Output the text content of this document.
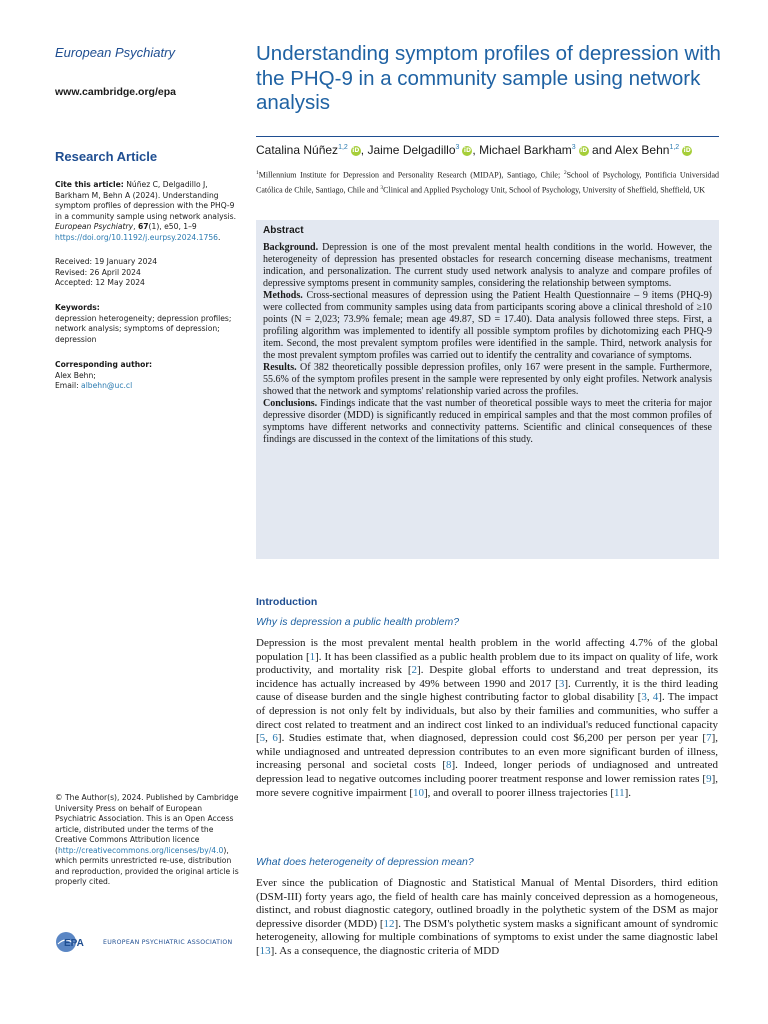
European Psychiatry
www.cambridge.org/epa
Research Article
Cite this article: Núñez C, Delgadillo J, Barkham M, Behn A (2024). Understanding symptom profiles of depression with the PHQ-9 in a community sample using network analysis. European Psychiatry, 67(1), e50, 1–9 https://doi.org/10.1192/j.eurpsy.2024.1756.
Received: 19 January 2024
Revised: 26 April 2024
Accepted: 12 May 2024
Keywords:
depression heterogeneity; depression profiles; network analysis; symptoms of depression; depression
Corresponding author:
Alex Behn;
Email: albehn@uc.cl
© The Author(s), 2024. Published by Cambridge University Press on behalf of European Psychiatric Association. This is an Open Access article, distributed under the terms of the Creative Commons Attribution licence (http://creativecommons.org/licenses/by/4.0), which permits unrestricted re-use, distribution and reproduction, provided the original article is properly cited.
EPA	EUROPEAN PSYCHIATRIC ASSOCIATION
Understanding symptom profiles of depression with the PHQ-9 in a community sample using network analysis
Catalina Núñez$^{1,2}$ iD, Jaime Delgadillo$^3$ iD, Michael Barkham$^3$ iD and Alex Behn$^{1,2}$ iD
$^1$Millennium Institute for Depression and Personality Research (MIDAP), Santiago, Chile; $^2$School of Psychology, Pontificia Universidad Católica de Chile, Santiago, Chile and $^3$Clinical and Applied Psychology Unit, School of Psychology, University of Sheffield, Sheffield, UK
Abstract

Background. Depression is one of the most prevalent mental health conditions in the world. However, the heterogeneity of depression has presented obstacles for research concerning disease mechanisms, treatment indication, and personalization. The current study used network analysis to analyze and compare profiles of depressive symptoms present in community samples, considering the relationship between symptoms.

Methods. Cross-sectional measures of depression using the Patient Health Questionnaire – 9 items (PHQ-9) were collected from community samples using data from participants scoring above a clinical threshold of ≥10 points (N = 2,023; 73.9% female; mean age 49.87, SD = 17.40). Data analysis followed three steps. First, a profiling algorithm was implemented to identify all possible symptom profiles by dichotomizing each PHQ-9 item. Second, the most prevalent symptom profiles were identified in the sample. Third, network analysis for the most prevalent symptom profiles was carried out to identify the centrality and covariance of symptoms.

Results. Of 382 theoretically possible depression profiles, only 167 were present in the sample. Furthermore, 55.6% of the symptom profiles present in the sample were represented by only eight profiles. Network analysis showed that the network and symptoms' relationship varied across the profiles.

Conclusions. Findings indicate that the vast number of theoretical possible ways to meet the criteria for major depressive disorder (MDD) is significantly reduced in empirical samples and that the most common profiles of symptoms have different networks and connectivity patterns. Scientific and clinical consequences of these findings are discussed in the context of the limitations of this study.

Introduction
Why is depression a public health problem?

Depression is the most prevalent mental health problem in the world affecting 4.7% of the global population [1]. It has been classified as a public health problem due to its impact on quality of life, work productivity, and mortality risk [2]. Despite global efforts to understand and treat depression, its incidence has actually increased by 49% between 1990 and 2017 [3]. Currently, it is the third leading cause of disease burden and the single highest contributing factor to global disability [3, 4]. The impact of depression is not only felt by individuals, but also by their families and communities, who suffer a direct cost related to treatment and an indirect cost linked to an individual's reduced functional capacity [5, 6]. Studies estimate that, when diagnosed, depression could cost $6,200 per person per year [7], while undiagnosed and untreated depression contributes to an even more significant burden of illness, increasing personal and societal costs [8]. Indeed, longer periods of undiagnosed and untreated depression lead to negative outcomes including poorer treatment response and lower remission rates [9], more severe cognitive impairment [10], and overall to poorer illness trajectories [11].

What does heterogeneity of depression mean?

Ever since the publication of Diagnostic and Statistical Manual of Mental Disorders, third edition (DSM-III) forty years ago, the field of health care has mainly conceived depression as a homogeneous, distinct, and robust diagnostic category, outlined broadly in the polythetic system of the DSM as major depressive disorder (MDD) [12]. The DSM's polythetic system masks a significant amount of syndromic heterogeneity, allowing for multiple combinations of symptoms to exist under the same diagnostic label [13]. As a consequence, the diagnostic criteria of MDD
